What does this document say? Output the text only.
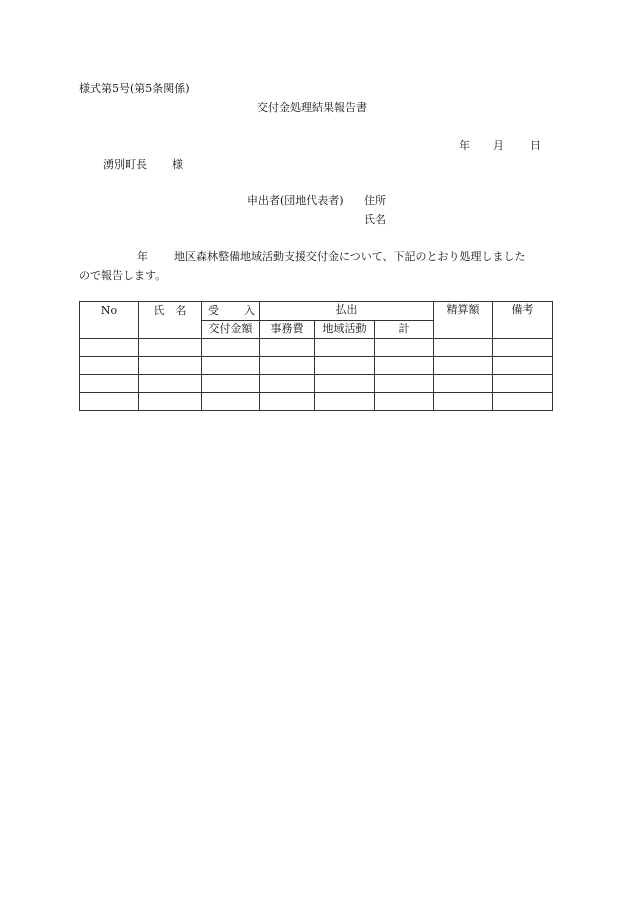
様式第5号(第5条関係)
交付金処理結果報告書
年 月 日
湧別町長 様
申出者(団地代表者) 住所
氏名
年 地区森林整備地域活動支援交付金について、下記のとおり処理しました
ので報告します。
No	氏　名	受 入	払出			精算額	備考
		交付金額	事務費	地域活動	計		
